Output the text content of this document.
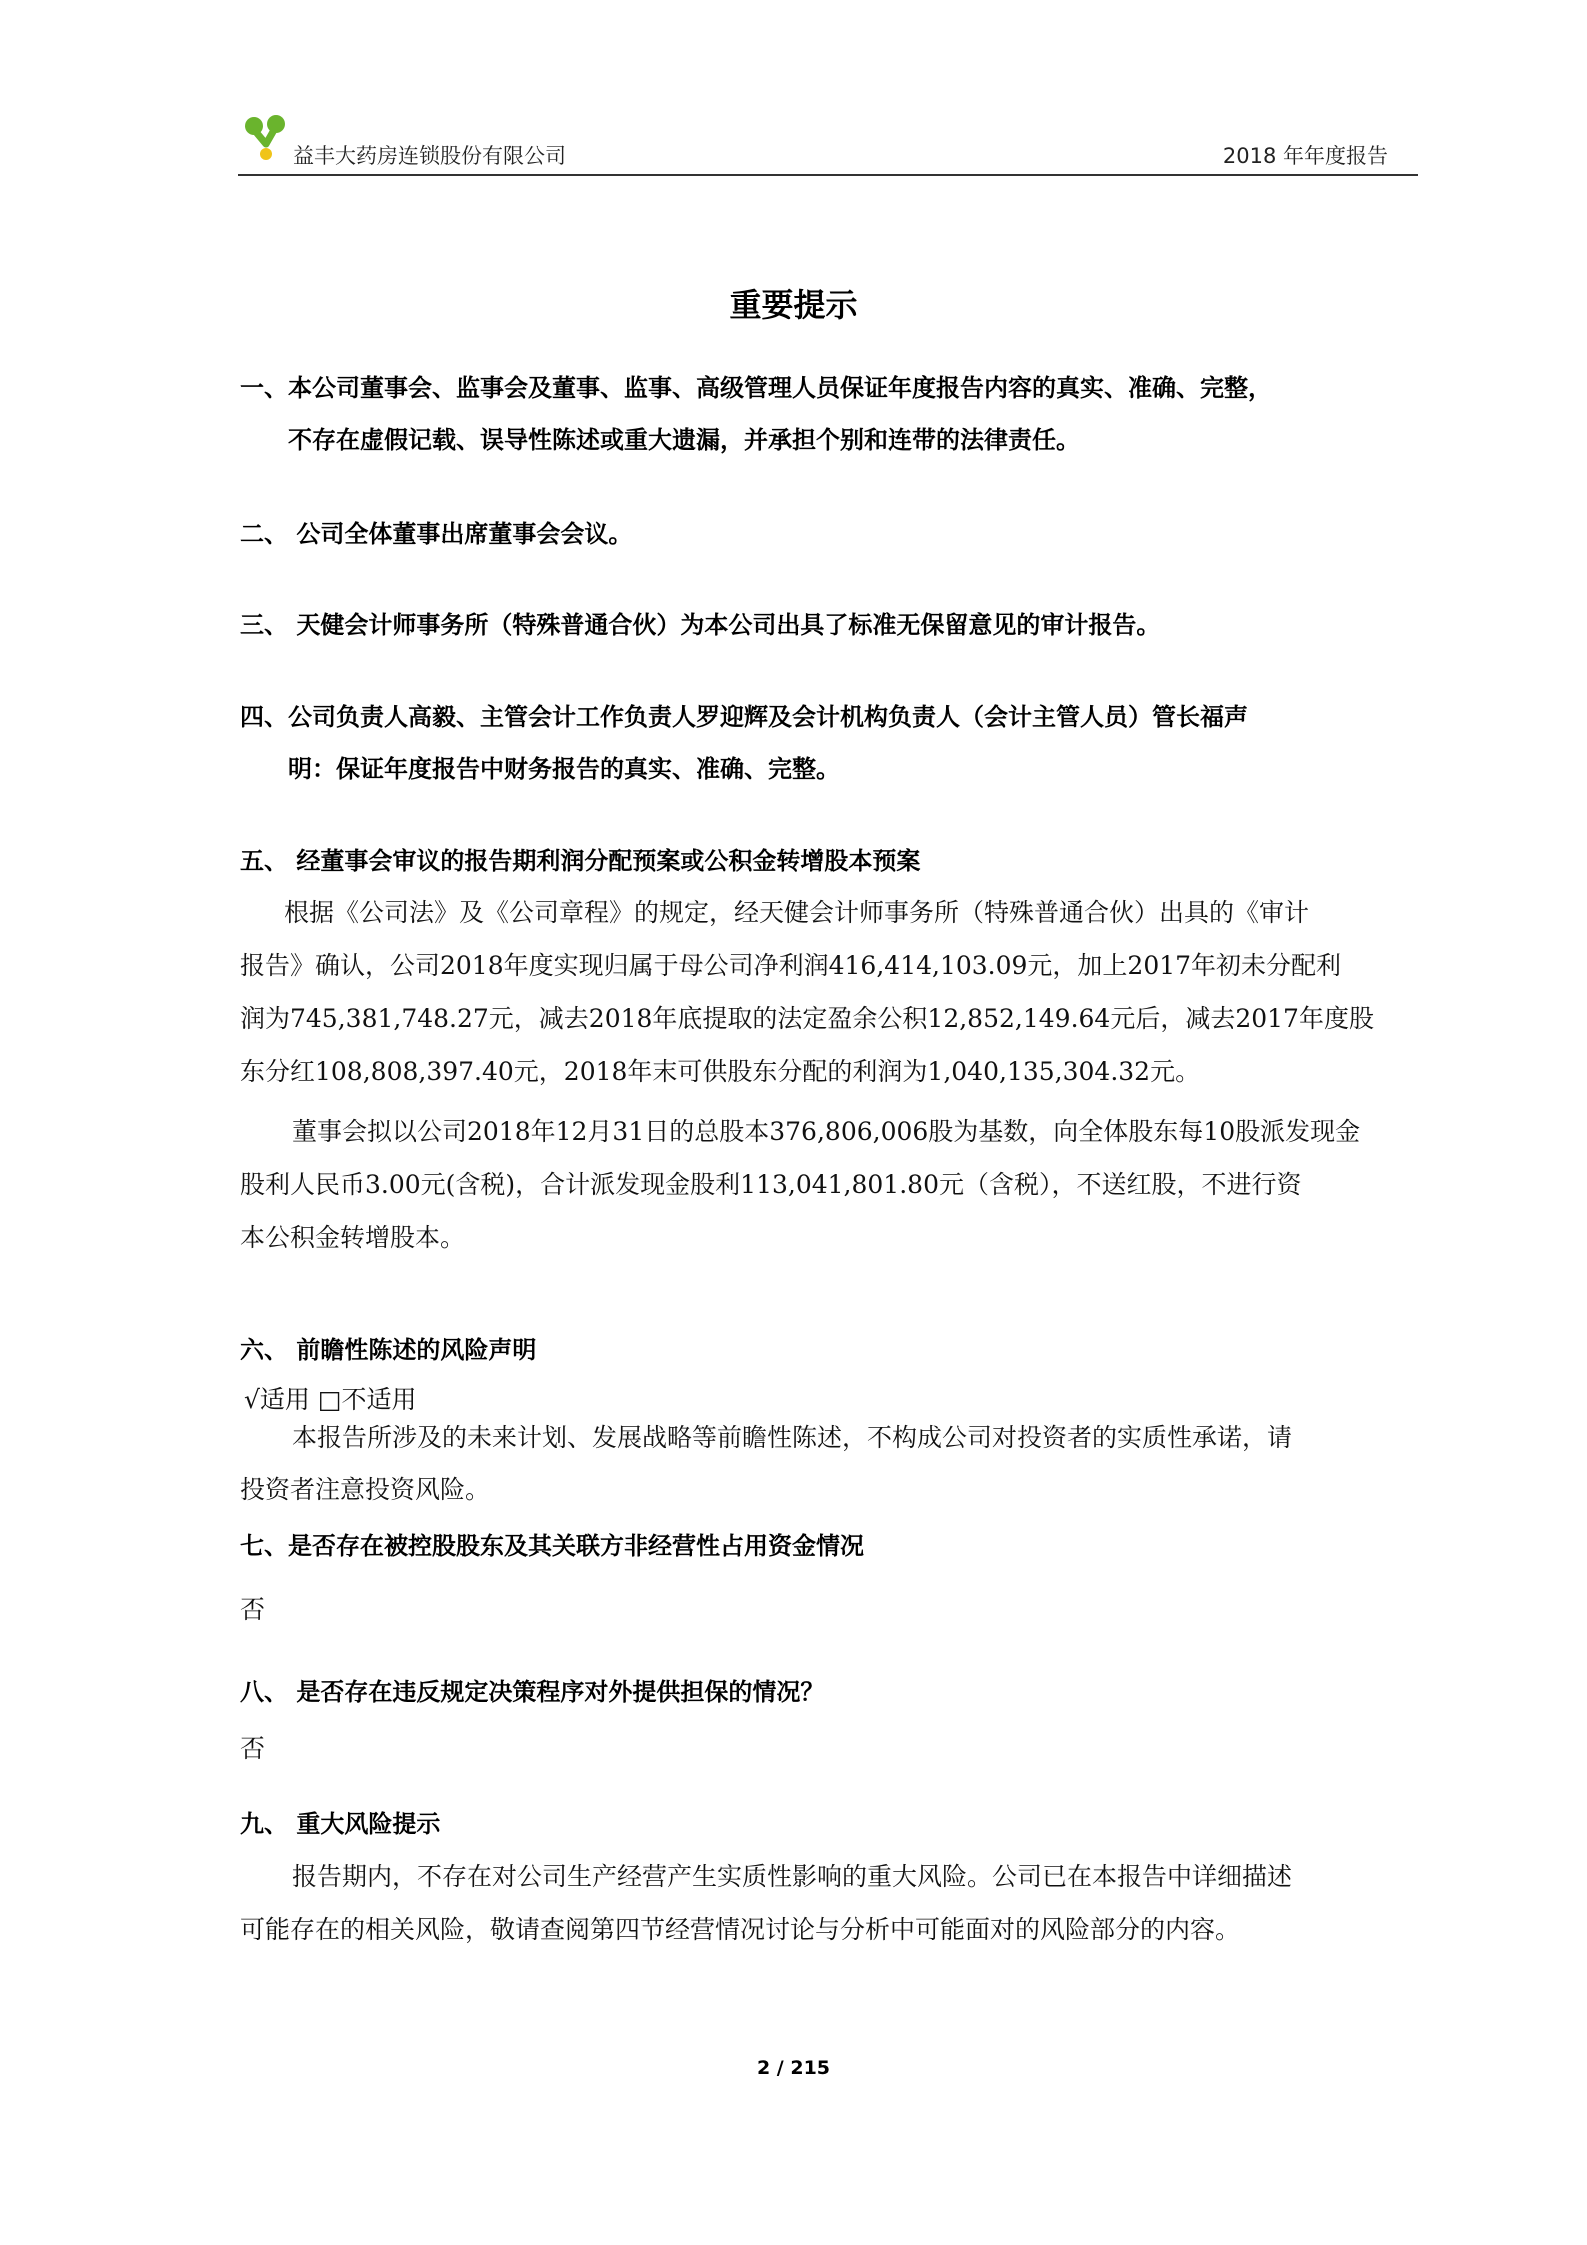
益丰大药房连锁股份有限公司	2018 年年度报告
重要提示
一、本公司董事会、监事会及董事、监事、高级管理人员保证年度报告内容的真实、准确、完整，
不存在虚假记载、误导性陈述或重大遗漏，并承担个别和连带的法律责任。
二、 公司全体董事出席董事会会议。
三、 天健会计师事务所（特殊普通合伙）为本公司出具了标准无保留意见的审计报告。
四、公司负责人高毅、主管会计工作负责人罗迎辉及会计机构负责人（会计主管人员）管长福声
明：保证年度报告中财务报告的真实、准确、完整。
五、 经董事会审议的报告期利润分配预案或公积金转增股本预案
根据《公司法》及《公司章程》的规定，经天健会计师事务所（特殊普通合伙）出具的《审计
报告》确认，公司2018年度实现归属于母公司净利润416,414,103.09元，加上2017年初未分配利
润为745,381,748.27元，减去2018年底提取的法定盈余公积12,852,149.64元后，减去2017年度股
东分红108,808,397.40元，2018年末可供股东分配的利润为1,040,135,304.32元。
董事会拟以公司2018年12月31日的总股本376,806,006股为基数，向全体股东每10股派发现金
股利人民币3.00元(含税)，合计派发现金股利113,041,801.80元（含税），不送红股，不进行资
本公积金转增股本。
六、 前瞻性陈述的风险声明
√适用 □不适用
本报告所涉及的未来计划、发展战略等前瞻性陈述，不构成公司对投资者的实质性承诺，请
投资者注意投资风险。
七、是否存在被控股股东及其关联方非经营性占用资金情况
否
八、 是否存在违反规定决策程序对外提供担保的情况？
否
九、 重大风险提示
报告期内，不存在对公司生产经营产生实质性影响的重大风险。公司已在本报告中详细描述
可能存在的相关风险，敬请查阅第四节经营情况讨论与分析中可能面对的风险部分的内容。
2 / 215
